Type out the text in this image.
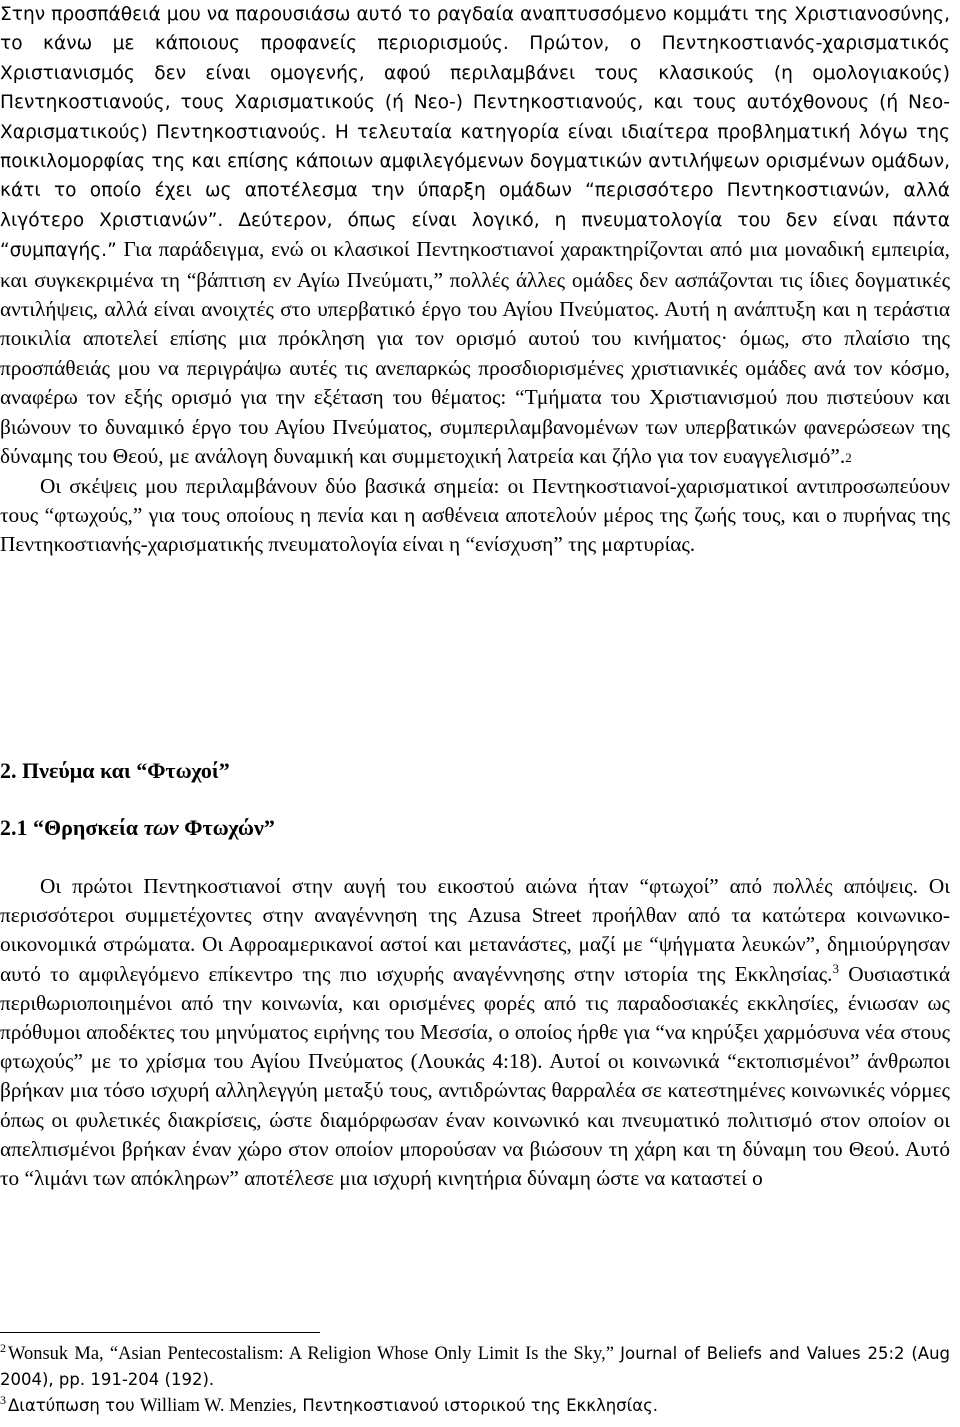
Στην προσπάθειά μου να παρουσιάσω αυτό το ραγδαία αναπτυσσόμενο κομμάτι της Χριστιανοσύνης, το κάνω με κάποιους προφανείς περιορισμούς. Πρώτον, ο Πεντηκοστιανός-χαρισματικός Χριστιανισμός δεν είναι ομογενής, αφού περιλαμβάνει τους κλασικούς (η ομολογιακούς) Πεντηκοστιανούς, τους Χαρισματικούς (ή Νεο-) Πεντηκοστιανούς, και τους αυτόχθονους (ή Νεο-Χαρισματικούς) Πεντηκοστιανούς. Η τελευταία κατηγορία είναι ιδιαίτερα προβληματική λόγω της ποικιλομορφίας της και επίσης κάποιων αμφιλεγόμενων δογματικών αντιλήψεων ορισμένων ομάδων, κάτι το οποίο έχει ως αποτέλεσμα την ύπαρξη ομάδων “περισσότερο Πεντηκοστιανών, αλλά λιγότερο Χριστιανών”. Δεύτερον, όπως είναι λογικό, η πνευματολογία του δεν είναι πάντα “συμπαγής.” Για παράδειγμα, ενώ οι κλασικοί Πεντηκοστιανοί χαρακτηρίζονται από μια μοναδική εμπειρία, και συγκεκριμένα τη “βάπτιση εν Αγίω Πνεύματι,” πολλές άλλες ομάδες δεν ασπάζονται τις ίδιες δογματικές αντιλήψεις, αλλά είναι ανοιχτές στο υπερβατικό έργο του Αγίου Πνεύματος. Αυτή η ανάπτυξη και η τεράστια ποικιλία αποτελεί επίσης μια πρόκληση για τον ορισμό αυτού του κινήματος· όμως, στο πλαίσιο της προσπάθειάς μου να περιγράψω αυτές τις ανεπαρκώς προσδιορισμένες χριστιανικές ομάδες ανά τον κόσμο, αναφέρω τον εξής ορισμό για την εξέταση του θέματος: “Τμήματα του Χριστιανισμού που πιστεύουν και βιώνουν το δυναμικό έργο του Αγίου Πνεύματος, συμπεριλαμβανομένων των υπερβατικών φανερώσεων της δύναμης του Θεού, με ανάλογη δυναμική και συμμετοχική λατρεία και ζήλο για τον ευαγγελισμό”.$^2$

Οι σκέψεις μου περιλαμβάνουν δύο βασικά σημεία: οι Πεντηκοστιανοί-χαρισματικοί αντιπροσωπεύουν τους “φτωχούς,” για τους οποίους η πενία και η ασθένεια αποτελούν μέρος της ζωής τους, και ο πυρήνας της Πεντηκοστιανής-χαρισματικής πνευματολογία είναι η “ενίσχυση” της μαρτυρίας.

2. Πνεύμα και “Φτωχοί”
2.1 “Θρησκεία των Φτωχών”

Οι πρώτοι Πεντηκοστιανοί στην αυγή του εικοστού αιώνα ήταν “φτωχοί” από πολλές απόψεις. Οι περισσότεροι συμμετέχοντες στην αναγέννηση της Azusa Street προήλθαν από τα κατώτερα κοινωνικο-οικονομικά στρώματα. Οι Αφροαμερικανοί αστοί και μετανάστες, μαζί με “ψήγματα λευκών”, δημιούργησαν αυτό το αμφιλεγόμενο επίκεντρο της πιο ισχυρής αναγέννησης στην ιστορία της Εκκλησίας.$^3$ Ουσιαστικά περιθωριοποιημένοι από την κοινωνία, και ορισμένες φορές από τις παραδοσιακές εκκλησίες, ένιωσαν ως πρόθυμοι αποδέκτες του μηνύματος ειρήνης του Μεσσία, ο οποίος ήρθε για “να κηρύξει χαρμόσυνα νέα στους φτωχούς” με το χρίσμα του Αγίου Πνεύματος (Λουκάς 4:18). Αυτοί οι κοινωνικά “εκτοπισμένοι” άνθρωποι βρήκαν μια τόσο ισχυρή αλληλεγγύη μεταξύ τους, αντιδρώντας θαρραλέα σε κατεστημένες κοινωνικές νόρμες όπως οι φυλετικές διακρίσεις, ώστε διαμόρφωσαν έναν κοινωνικό και πνευματικό πολιτισμό στον οποίον οι απελπισμένοι βρήκαν έναν χώρο στον οποίον μπορούσαν να βιώσουν τη χάρη και τη δύναμη του Θεού. Αυτό το “λιμάνι των απόκληρων” αποτέλεσε μια ισχυρή κινητήρια δύναμη ώστε να καταστεί ο

$^2$ Wonsuk Ma, “Asian Pentecostalism: A Religion Whose Only Limit Is the Sky,” Journal of Beliefs and Values 25:2 (Aug 2004), pp. 191-204 (192).

$^3$ Διατύπωση του William W. Menzies, Πεντηκοστιανού ιστορικού της Εκκλησίας.
